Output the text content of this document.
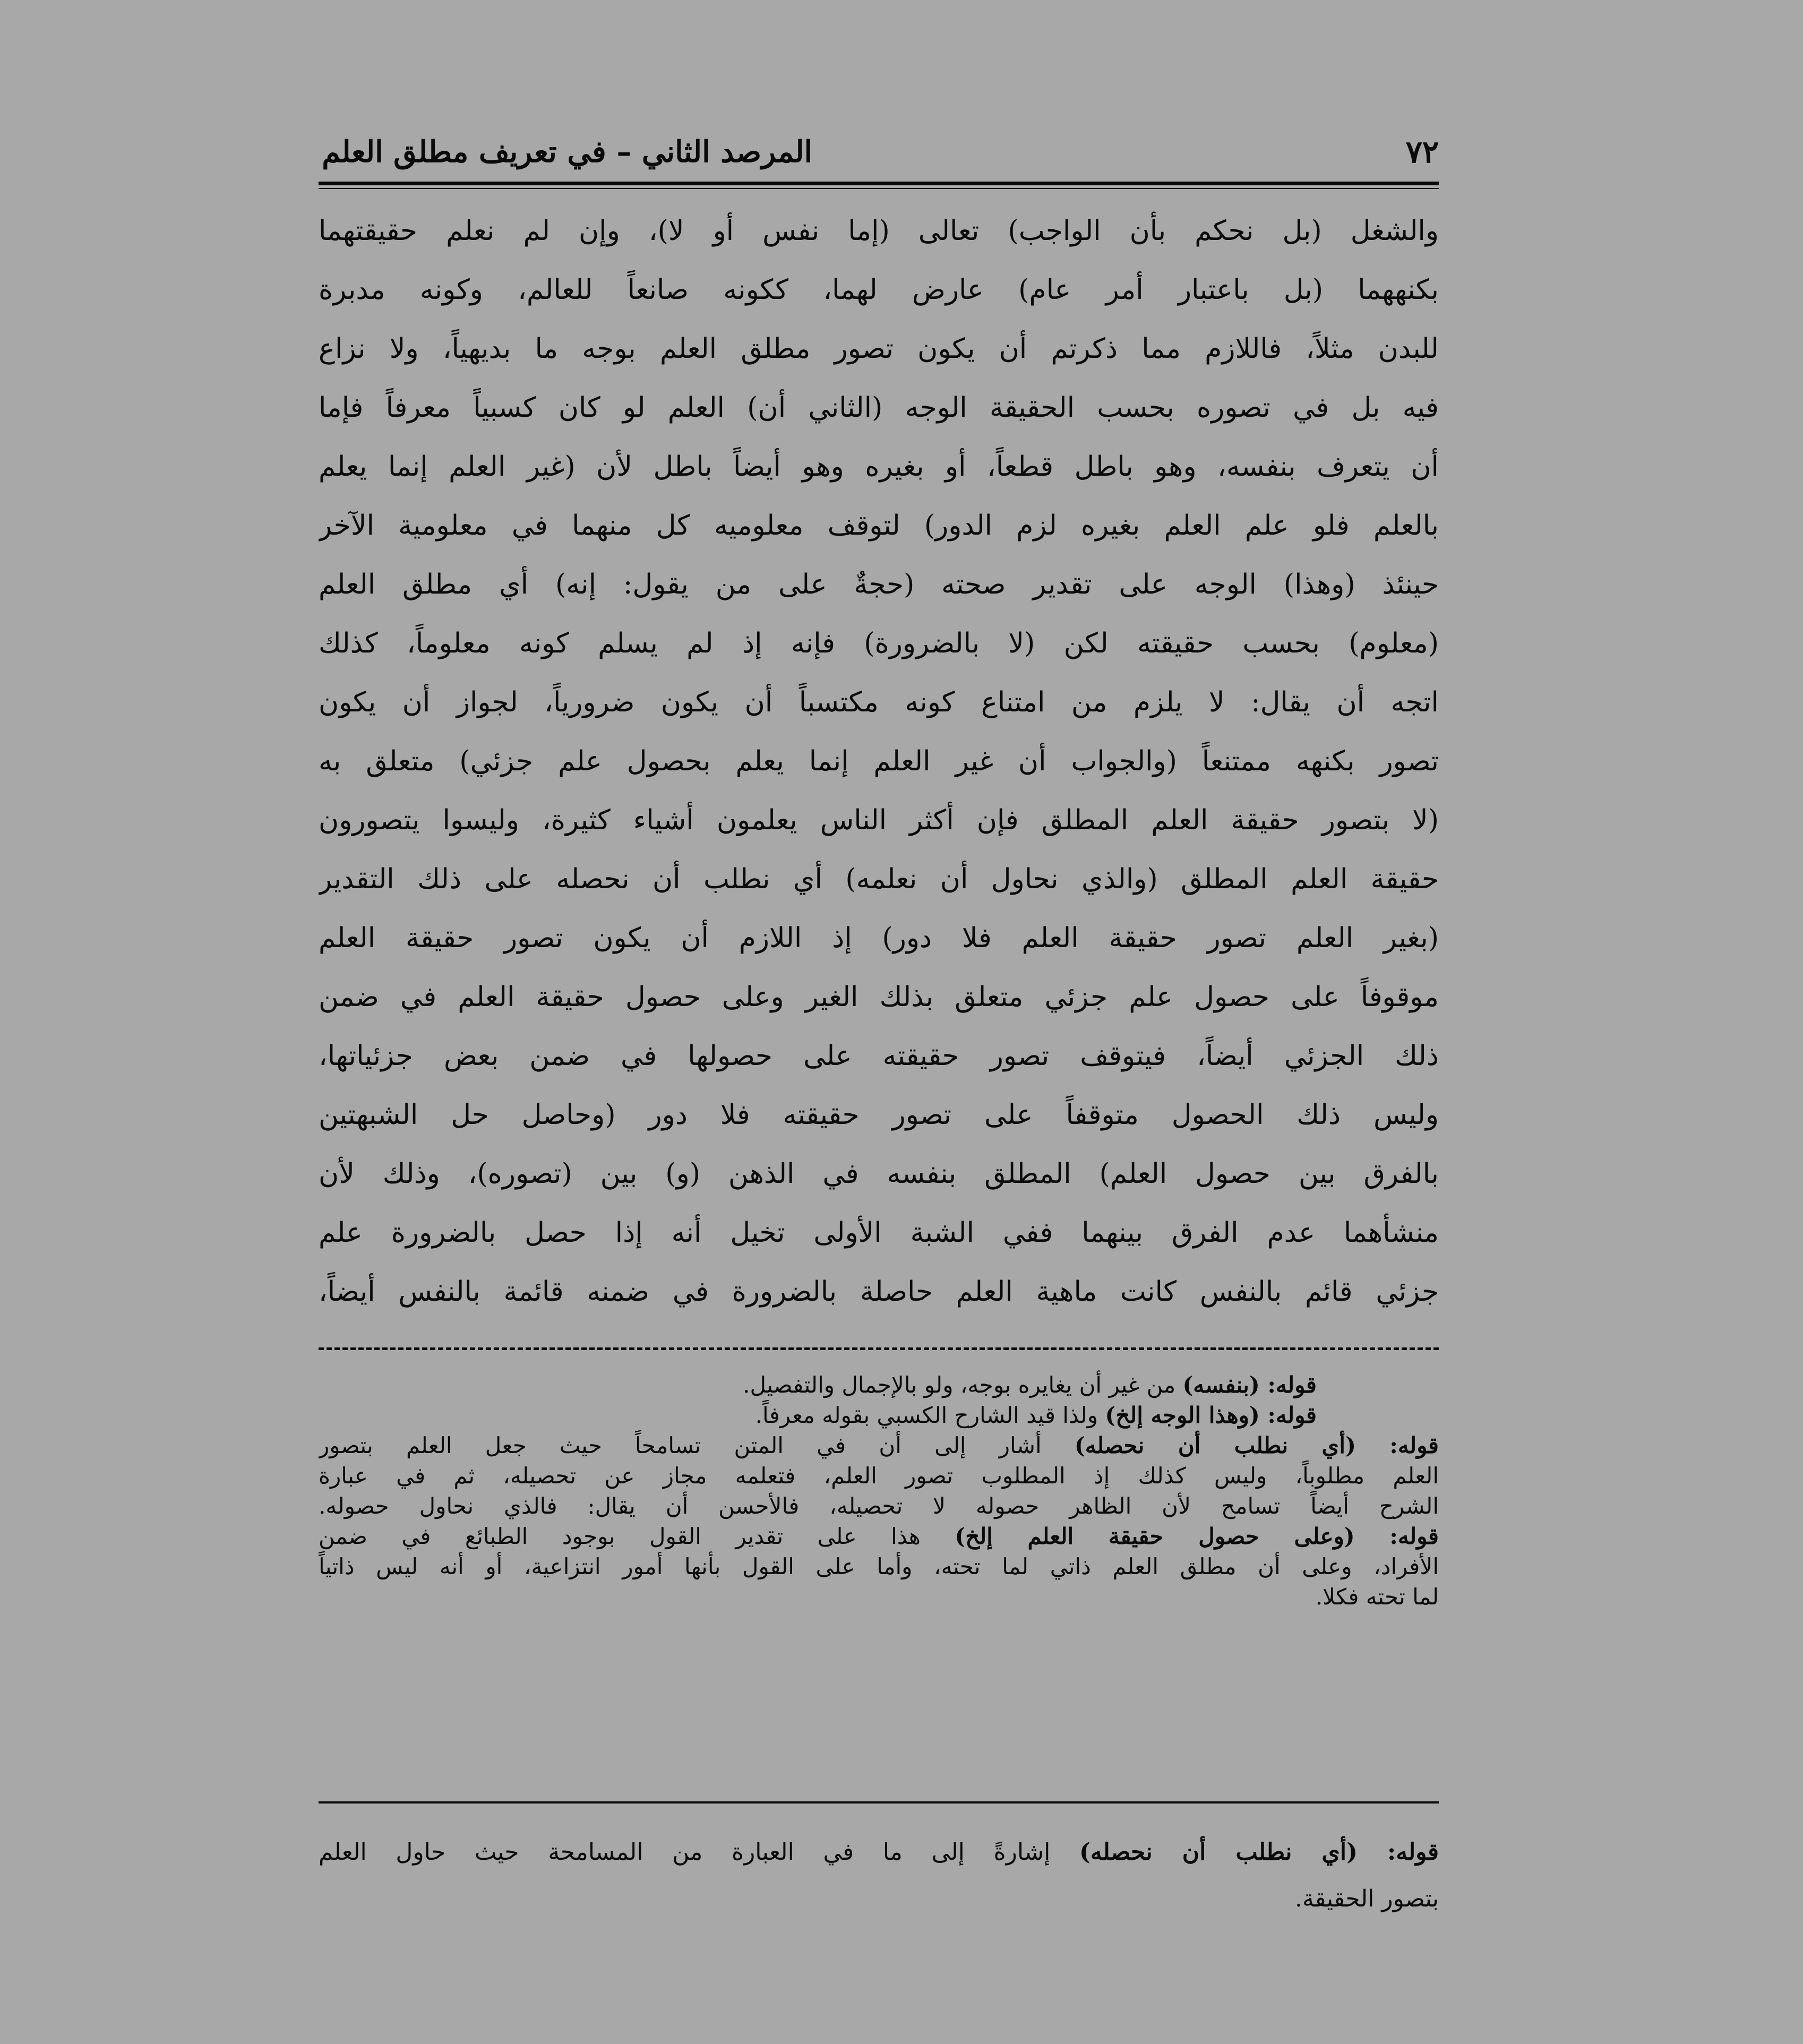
٧٢
المرصد الثاني – في تعريف مطلق العلم
والشغل (بل نحكم بأن الواجب) تعالى (إما نفس أو لا)، وإن لم نعلم حقيقتهما
بكنههما (بل باعتبار أمر عام) عارض لهما، ككونه صانعاً للعالم، وكونه مدبرة
للبدن مثلاً، فاللازم مما ذكرتم أن يكون تصور مطلق العلم بوجه ما بديهياً، ولا نزاع
فيه بل في تصوره بحسب الحقيقة الوجه (الثاني أن) العلم لو كان كسبياً معرفاً فإما
أن يتعرف بنفسه، وهو باطل قطعاً، أو بغيره وهو أيضاً باطل لأن (غير العلم إنما يعلم
بالعلم فلو علم العلم بغيره لزم الدور) لتوقف معلوميه كل منهما في معلومية الآخر
حينئذ (وهذا) الوجه على تقدير صحته (حجةٌ على من يقول: إنه) أي مطلق العلم
(معلوم) بحسب حقيقته لكن (لا بالضرورة) فإنه إذ لم يسلم كونه معلوماً، كذلك
اتجه أن يقال: لا يلزم من امتناع كونه مكتسباً أن يكون ضرورياً، لجواز أن يكون
تصور بكنهه ممتنعاً (والجواب أن غير العلم إنما يعلم بحصول علم جزئي) متعلق به
(لا بتصور حقيقة العلم المطلق فإن أكثر الناس يعلمون أشياء كثيرة، وليسوا يتصورون
حقيقة العلم المطلق (والذي نحاول أن نعلمه) أي نطلب أن نحصله على ذلك التقدير
(بغير العلم تصور حقيقة العلم فلا دور) إذ اللازم أن يكون تصور حقيقة العلم
موقوفاً على حصول علم جزئي متعلق بذلك الغير وعلى حصول حقيقة العلم في ضمن
ذلك الجزئي أيضاً، فيتوقف تصور حقيقته على حصولها في ضمن بعض جزئياتها،
وليس ذلك الحصول متوقفاً على تصور حقيقته فلا دور (وحاصل حل الشبهتين
بالفرق بين حصول العلم) المطلق بنفسه في الذهن (و) بين (تصوره)، وذلك لأن
منشأهما عدم الفرق بينهما ففي الشبة الأولى تخيل أنه إذا حصل بالضرورة علم
جزئي قائم بالنفس كانت ماهية العلم حاصلة بالضرورة في ضمنه قائمة بالنفس أيضاً،
قوله: (بنفسه) من غير أن يغايره بوجه، ولو بالإجمال والتفصيل.
قوله: (وهذا الوجه إلخ) ولذا قيد الشارح الكسبي بقوله معرفاً.
قوله: (أي نطلب أن نحصله) أشار إلى أن في المتن تسامحاً حيث جعل العلم بتصور
العلم مطلوباً، وليس كذلك إذ المطلوب تصور العلم، فتعلمه مجاز عن تحصيله، ثم في عبارة
الشرح أيضاً تسامح لأن الظاهر حصوله لا تحصيله، فالأحسن أن يقال: فالذي نحاول حصوله.
قوله: (وعلى حصول حقيقة العلم إلخ) هذا على تقدير القول بوجود الطبائع في ضمن
الأفراد، وعلى أن مطلق العلم ذاتي لما تحته، وأما على القول بأنها أمور انتزاعية، أو أنه ليس ذاتياً
لما تحته فكلا.
قوله: (أي نطلب أن نحصله) إشارةً إلى ما في العبارة من المسامحة حيث حاول العلم
بتصور الحقيقة.
